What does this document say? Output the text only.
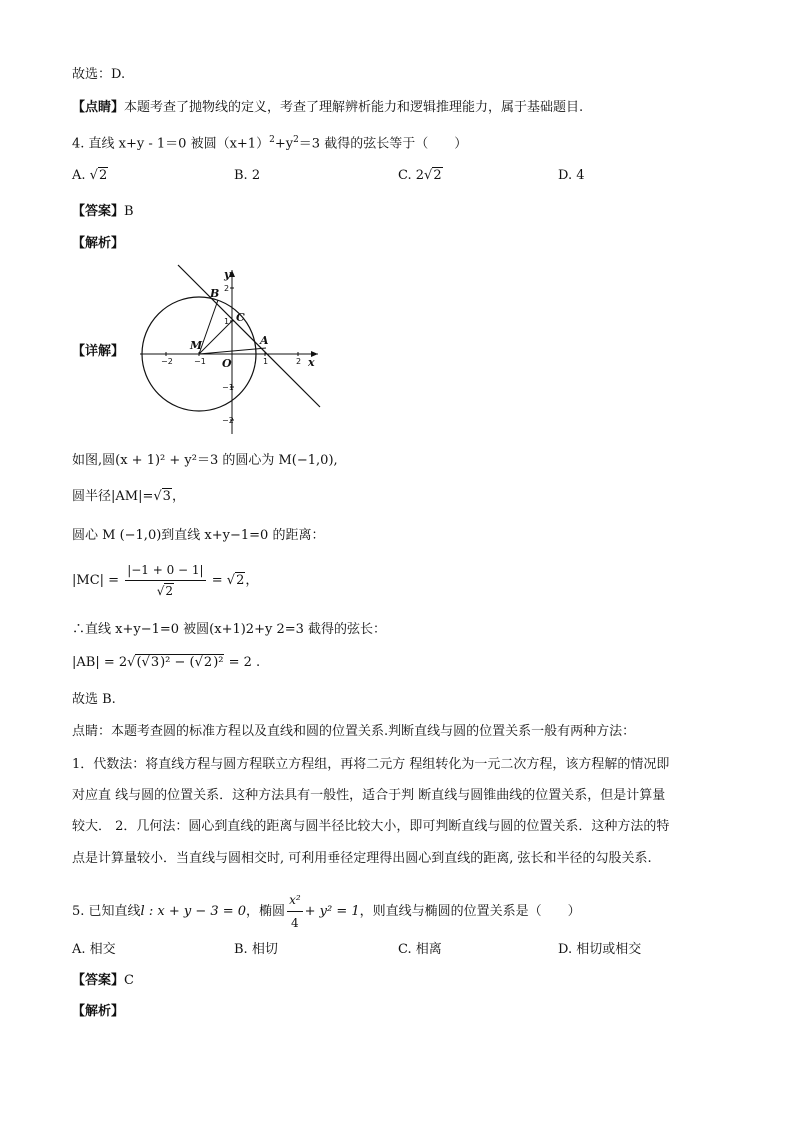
故选：D.
【点睛】本题考查了抛物线的定义，考查了理解辨析能力和逻辑推理能力，属于基础题目.
4. 直线 x+y - 1＝0 被圆$(x+1)^2+y^2=3$ 截得的弦长等于（　　）
A. √2	B. 2	C. 2√2	D. 4
【答案】B
【解析】
【详解】
B
C
M	A
O	x
y
−2	−1	1	2
2
1
−1
−2
如图,圆(x + 1)² + y²＝3 的圆心为 M(−1,0),
圆半径|AM|=√3，
圆心 M (−1,0)到直线 x+y−1=0 的距离：
$|MC| = \frac{|-1 + 0 - 1|}{√2} = √2$，
∴直线 x+y−1=0 被圆(x+1)2+y 2=3 截得的弦长：
|AB| = 2√(√3)² − (√2)² = 2 .
故选 B.
点睛：本题考查圆的标准方程以及直线和圆的位置关系.判断直线与圆的位置关系一般有两种方法：
1．代数法：将直线方程与圆方程联立方程组，再将二元方 程组转化为一元二次方程，该方程解的情况即
对应直 线与圆的位置关系．这种方法具有一般性，适合于判 断直线与圆锥曲线的位置关系，但是计算量
较大． 2．几何法：圆心到直线的距离与圆半径比较大小，即可判断直线与圆的位置关系．这种方法的特
点是计算量较小．当直线与圆相交时, 可利用垂径定理得出圆心到直线的距离, 弦长和半径的勾股关系.
5. 已知直线l : x + y − 3 = 0，椭圆 $\frac{\text{x²}}{4} + y^2 = 1$，则直线与椭圆的位置关系是（　　）
A. 相交	B. 相切	C. 相离	D. 相切或相交
【答案】C
【解析】
